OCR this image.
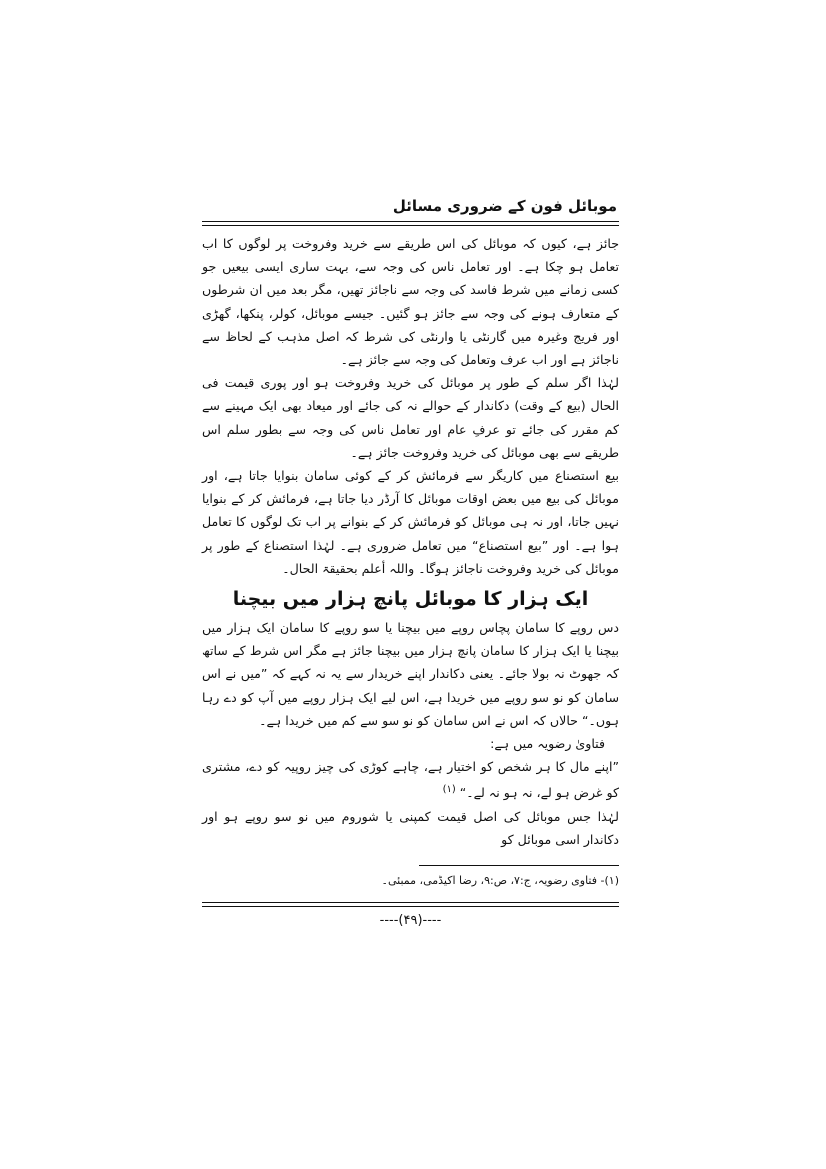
موبائل فون کے ضروری مسائل

جائز ہے، کیوں کہ موبائل کی اس طریقے سے خرید وفروخت پر لوگوں کا اب تعامل ہو چکا ہے۔ اور تعامل ناس کی وجہ سے، بہت ساری ایسی بیعیں جو کسی زمانے میں شرط فاسد کی وجہ سے ناجائز تھیں، مگر بعد میں ان شرطوں کے متعارف ہونے کی وجہ سے جائز ہو گئیں۔ جیسے موبائل، کولر، پنکھا، گھڑی اور فریج وغیرہ میں گارنٹی یا وارنٹی کی شرط کہ اصل مذہب کے لحاظ سے ناجائز ہے اور اب عرف وتعامل کی وجہ سے جائز ہے۔

لہٰذا اگر سلم کے طور پر موبائل کی خرید وفروخت ہو اور پوری قیمت فی الحال (بیع کے وقت) دکاندار کے حوالے نہ کی جائے اور میعاد بھی ایک مہینے سے کم مقرر کی جائے تو عرفِ عام اور تعامل ناس کی وجہ سے بطور سلم اس طریقے سے بھی موبائل کی خرید وفروخت جائز ہے۔

بیع استصناع میں کاریگر سے فرمائش کر کے کوئی سامان بنوایا جاتا ہے، اور موبائل کی بیع میں بعض اوقات موبائل کا آرڈر دیا جاتا ہے، فرمائش کر کے بنوایا نہیں جاتا، اور نہ ہی موبائل کو فرمائش کر کے بنوانے پر اب تک لوگوں کا تعامل ہوا ہے۔ اور ”بیع استصناع“ میں تعامل ضروری ہے۔ لہٰذا استصناع کے طور پر موبائل کی خرید وفروخت ناجائز ہوگا۔ واللہ أعلم بحقیقۃ الحال۔

ایک ہزار کا موبائل پانچ ہزار میں بیچنا

دس روپے کا سامان پچاس روپے میں بیچنا یا سو روپے کا سامان ایک ہزار میں بیچنا یا ایک ہزار کا سامان پانچ ہزار میں بیچنا جائز ہے مگر اس شرط کے ساتھ کہ جھوٹ نہ بولا جائے۔ یعنی دکاندار اپنے خریدار سے یہ نہ کہے کہ ”میں نے اس سامان کو نو سو روپے میں خریدا ہے، اس لیے ایک ہزار روپے میں آپ کو دے رہا ہوں۔“ حالاں کہ اس نے اس سامان کو نو سو سے کم میں خریدا ہے۔

فتاویٰ رضویہ میں ہے:

”اپنے مال کا ہر شخص کو اختیار ہے، چاہے کوڑی کی چیز روپیہ کو دے، مشتری کو غرض ہو لے، نہ ہو نہ لے۔“ $^{(۱)}$

لہٰذا جس موبائل کی اصل قیمت کمپنی یا شوروم میں نو سو روپے ہو اور دکاندار اسی موبائل کو

(۱)- فتاوی رضویہ، ج:۷، ص:۹، رضا اکیڈمی، ممبئی۔

----(۴۹)----
